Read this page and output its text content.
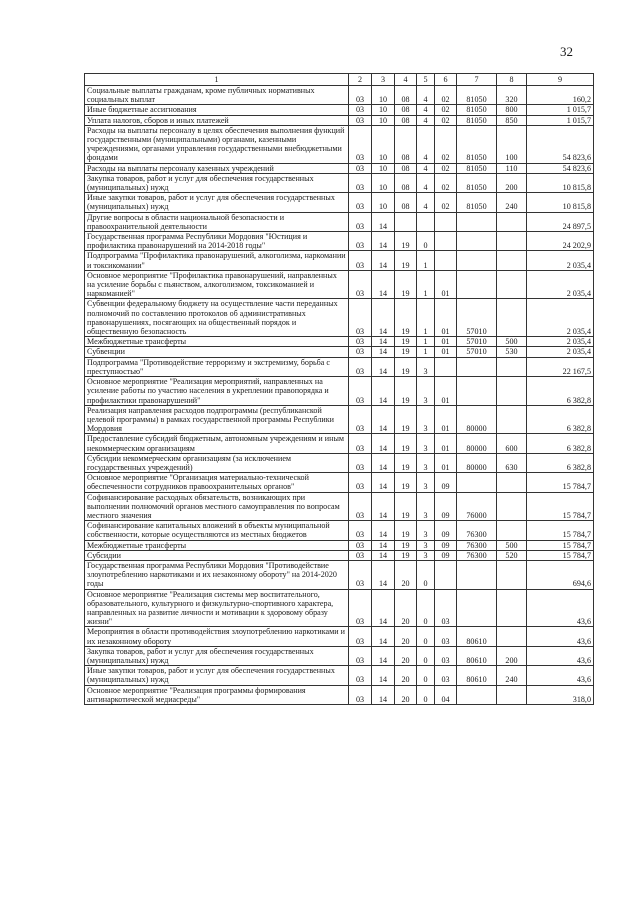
32
1	2	3	4	5	6	7	8	9
Социальные выплаты гражданам, кроме публичных нормативных социальных выплат	03	10	08	4	02	81050	320	160,2
Иные бюджетные ассигнования	03	10	08	4	02	81050	800	1 015,7
Уплата налогов, сборов и иных платежей	03	10	08	4	02	81050	850	1 015,7
Расходы на выплаты персоналу в целях обеспечения выполнения функций государственными (муниципальными) органами, казенными учреждениями, органами управления государственными внебюджетными фондами	03	10	08	4	02	81050	100	54 823,6
Расходы на выплаты персоналу казенных учреждений	03	10	08	4	02	81050	110	54 823,6
Закупка товаров, работ и услуг для обеспечения государственных (муниципальных) нужд	03	10	08	4	02	81050	200	10 815,8
Иные закупки товаров, работ и услуг для обеспечения государственных (муниципальных) нужд	03	10	08	4	02	81050	240	10 815,8
Другие вопросы в области национальной безопасности и правоохранительной деятельности	03	14						24 897,5
Государственная программа Республики Мордовия "Юстиция и профилактика правонарушений на 2014-2018 годы"	03	14	19	0				24 202,9
Подпрограмма "Профилактика правонарушений, алкоголизма, наркомании и токсикомании"	03	14	19	1				2 035,4
Основное мероприятие "Профилактика правонарушений, направленных на усиление борьбы с пьянством, алкоголизмом, токсикоманией и наркоманией"	03	14	19	1	01			2 035,4
Субвенции федеральному бюджету на осуществление части переданных полномочий по составлению протоколов об административных правонарушениях, посягающих на общественный порядок и общественную безопасность	03	14	19	1	01	57010		2 035,4
Межбюджетные трансферты	03	14	19	1	01	57010	500	2 035,4
Субвенции	03	14	19	1	01	57010	530	2 035,4
Подпрограмма "Противодействие терроризму и экстремизму, борьба с преступностью"	03	14	19	3				22 167,5
Основное мероприятие "Реализация мероприятий, направленных на усиление работы по участию населения в укреплении правопорядка и профилактики правонарушений"	03	14	19	3	01			6 382,8
Реализация направления расходов подпрограммы (республиканской целевой программы) в рамках государственной программы Республики Мордовия	03	14	19	3	01	80000		6 382,8
Предоставление субсидий бюджетным, автономным учреждениям и иным некоммерческим организациям	03	14	19	3	01	80000	600	6 382,8
Субсидии некоммерческим организациям (за исключением государственных учреждений)	03	14	19	3	01	80000	630	6 382,8
Основное мероприятие "Организация материально-технической обеспеченности сотрудников правоохранительных органов"	03	14	19	3	09			15 784,7
Софинансирование расходных обязательств, возникающих при выполнении полномочий органов местного самоуправления по вопросам местного значения	03	14	19	3	09	76000		15 784,7
Софинансирование капитальных вложений в объекты муниципальной собственности, которые осуществляются из местных бюджетов	03	14	19	3	09	76300		15 784,7
Межбюджетные трансферты	03	14	19	3	09	76300	500	15 784,7
Субсидии	03	14	19	3	09	76300	520	15 784,7
Государственная программа Республики Мордовия "Противодействие злоупотреблению наркотиками и их незаконному обороту" на 2014-2020 годы	03	14	20	0				694,6
Основное мероприятие "Реализация системы мер воспитательного, образовательного, культурного и физкультурно-спортивного характера, направленных на развитие личности и мотивации к здоровому образу жизни"	03	14	20	0	03			43,6
Мероприятия в области противодействия злоупотреблению наркотиками и их незаконному обороту	03	14	20	0	03	80610		43,6
Закупка товаров, работ и услуг для обеспечения государственных (муниципальных) нужд	03	14	20	0	03	80610	200	43,6
Иные закупки товаров, работ и услуг для обеспечения государственных (муниципальных) нужд	03	14	20	0	03	80610	240	43,6
Основное мероприятие "Реализация программы формирования антинаркотической медиасреды"	03	14	20	0	04			318,0
